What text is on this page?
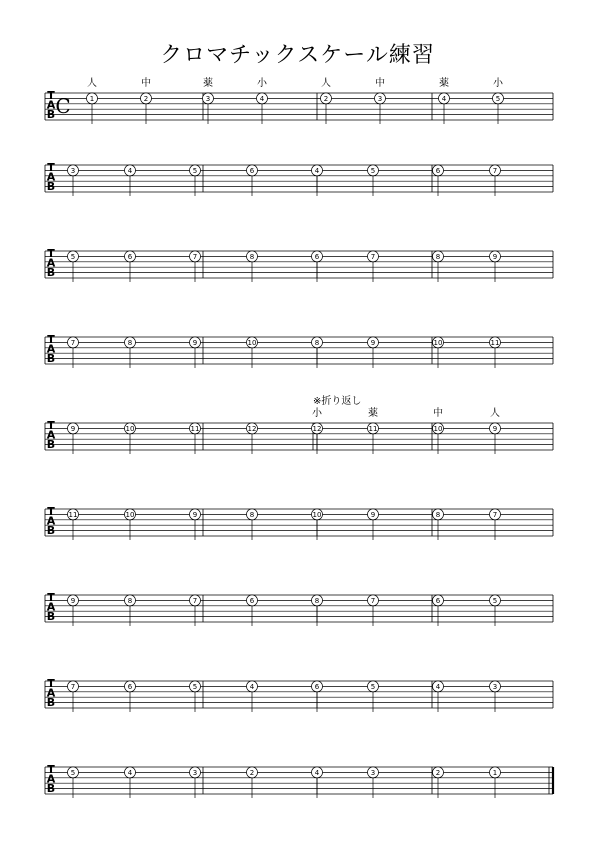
クロマチックスケール練習
T
A
B C
人	中	薬	小	人	中	薬	小
1	2	3	4	2	3	4	5
T
A
B
3	4	5	6	4	5	6	7
T
A
B
5	6	7	8	6	7	8	9
T
A
B
7	8	9	10	8	9	10	11
T
A
B
小	薬	中	人
※折り返し
9	10	11	12	12	11	10	9
T
A
B
11	10	9	8	10	9	8	7
T
A
B
9	8	7	6	8	7	6	5
T
A
B
7	6	5	4	6	5	4	3
T
A
B
5	4	3	2	4	3	2	1
